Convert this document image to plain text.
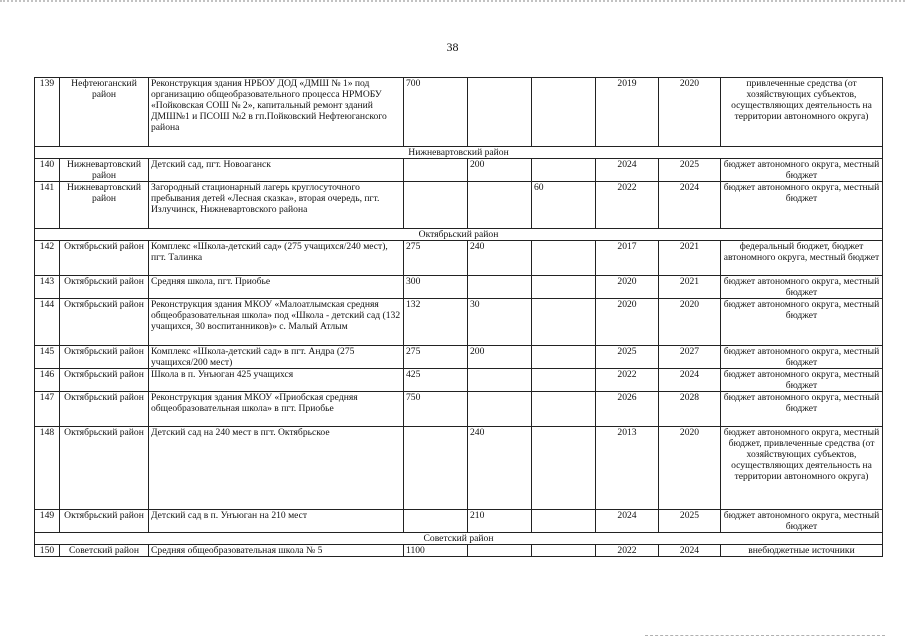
38
139	Нефтеюганский район	Реконструкция здания НРБОУ ДОД «ДМШ № 1» под организацию общеобразовательного процесса НРМОБУ «Пойковская СОШ № 2», капитальный ремонт зданий ДМШ№1 и ПСОШ №2 в гп.Пойковский Нефтеюганского района	700			2019	2020	привлеченные средства (от хозяйствующих субъектов, осуществляющих деятельность на территории автономного округа)
Нижневартовский район								
140	Нижневартовский район	Детский сад, пгт. Новоаганск		200		2024	2025	бюджет автономного округа, местный бюджет
141	Нижневартовский район	Загородный стационарный лагерь круглосуточного пребывания детей «Лесная сказка», вторая очередь, пгт. Излучинск, Нижневартовского района			60	2022	2024	бюджет автономного округа, местный бюджет
Октябрьский район								
142	Октябрьский район	Комплекс «Школа-детский сад» (275 учащихся/240 мест), пгт. Талинка	275	240		2017	2021	федеральный бюджет, бюджет автономного округа, местный бюджет
143	Октябрьский район	Средняя школа, пгт. Приобье	300			2020	2021	бюджет автономного округа, местный бюджет
144	Октябрьский район	Реконструкция здания МКОУ «Малоатлымская средняя общеобразовательная школа» под «Школа - детский сад (132 учащихся, 30 воспитанников)» с. Малый Атлым	132	30		2020	2020	бюджет автономного округа, местный бюджет
145	Октябрьский район	Комплекс «Школа-детский сад» в пгт. Андра (275 учащихся/200 мест)	275	200		2025	2027	бюджет автономного округа, местный бюджет
146	Октябрьский район	Школа в п. Унъюган 425 учащихся	425			2022	2024	бюджет автономного округа, местный бюджет
147	Октябрьский район	Реконструкция здания МКОУ «Приобская средняя общеобразовательная школа» в пгт. Приобье	750			2026	2028	бюджет автономного округа, местный бюджет
148	Октябрьский район	Детский сад на 240 мест в пгт. Октябрьское		240		2013	2020	бюджет автономного округа, местный бюджет, привлеченные средства (от хозяйствующих субъектов, осуществляющих деятельность на территории автономного округа)
149	Октябрьский район	Детский сад в п. Унъюган на 210 мест		210		2024	2025	бюджет автономного округа, местный бюджет
Советский район								
150	Советский район	Средняя общеобразовательная школа № 5	1100			2022	2024	внебюджетные источники
